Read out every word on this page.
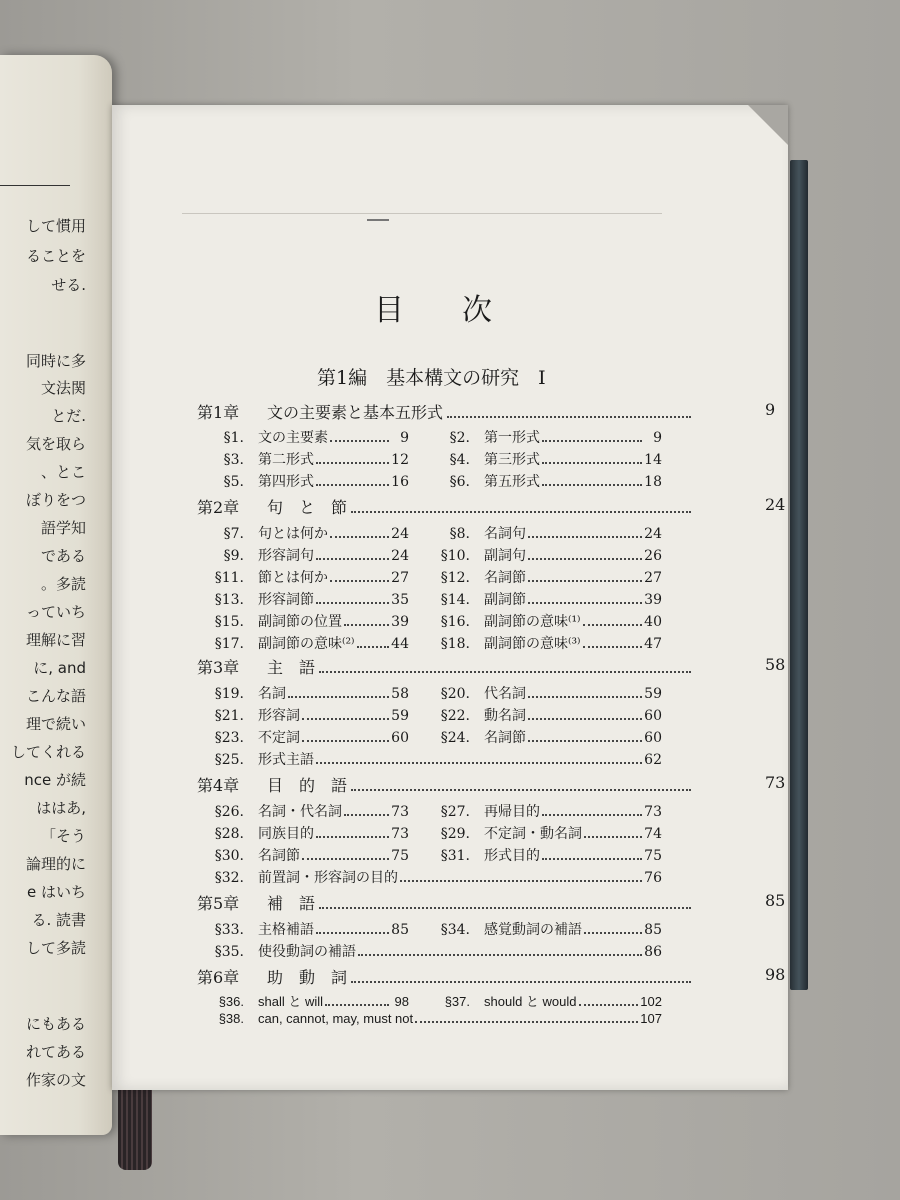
して慣用
ることを
せる.
同時に多
文法関
とだ.
気を取ら
、とこ
ぼりをつ
語学知
である
。多読
っていち
理解に習
に, and
こんな語
理で続い
してくれる
nce が続
ははあ,
「そう
論理的に
e はいち
る. 読書
して多読
にもある
れてある
作家の文
目次
第1編　基本構文の研究　I
第1章	文の主要素と基本五形式	9
§1. 文の主要素	9	§2. 第一形式	9
§3. 第二形式	12	§4. 第三形式	14
§5. 第四形式	16	§6. 第五形式	18
第2章	句　と　節	24
§7. 句とは何か	24	§8. 名詞句	24
§9. 形容詞句	24	§10. 副詞句	26
§11. 節とは何か	27	§12. 名詞節	27
§13. 形容詞節	35	§14. 副詞節	39
§15. 副詞節の位置	39	§16. 副詞節の意味⁽¹⁾	40
§17. 副詞節の意味⁽²⁾	44	§18. 副詞節の意味⁽³⁾	47
第3章	主　語	58
§19. 名詞	58	§20. 代名詞	59
§21. 形容詞	59	§22. 動名詞	60
§23. 不定詞	60	§24. 名詞節	60
§25. 形式主語	62
第4章	目　的　語	73
§26. 名詞・代名詞	73	§27. 再帰目的	73
§28. 同族目的	73	§29. 不定詞・動名詞	74
§30. 名詞節	75	§31. 形式目的	75
§32. 前置詞・形容詞の目的	76
第5章	補　語	85
§33. 主格補語	85	§34. 感覚動詞の補語	85
§35. 使役動詞の補語	86
第6章	助　動　詞	98
§36. shall と will	98	§37. should と would	102
§38. can, cannot, may, must not	107
